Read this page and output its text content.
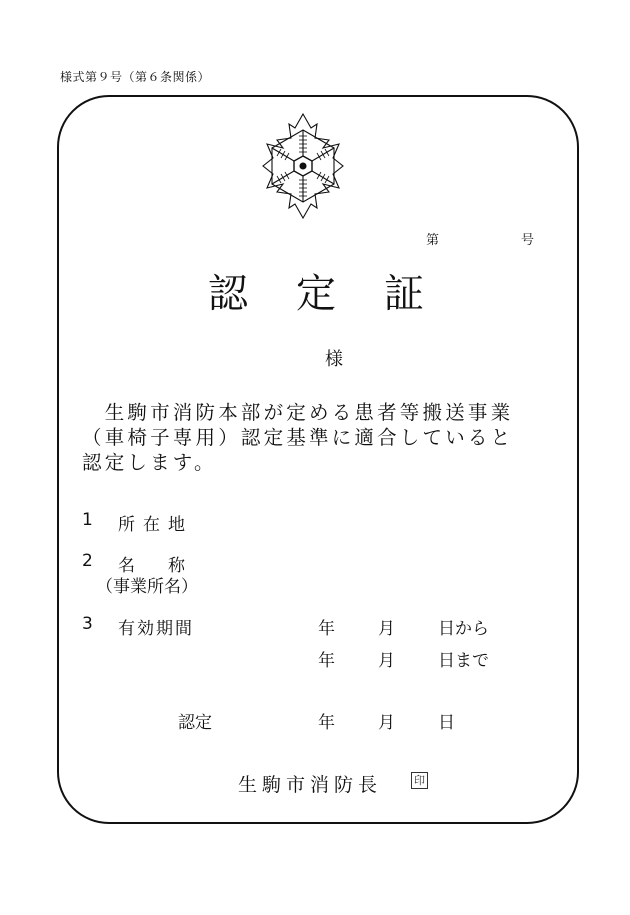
様式第９号（第６条関係）
第	号
認定証
様
　生駒市消防本部が定める患者等搬送事業
（車椅子専用）認定基準に適合していると
認定します。
1 所在地
2 名　称
（事業所名）
3 有効期間	年	月	日から
年	月	日まで
認定	年	月	日
生駒市消防長	印
